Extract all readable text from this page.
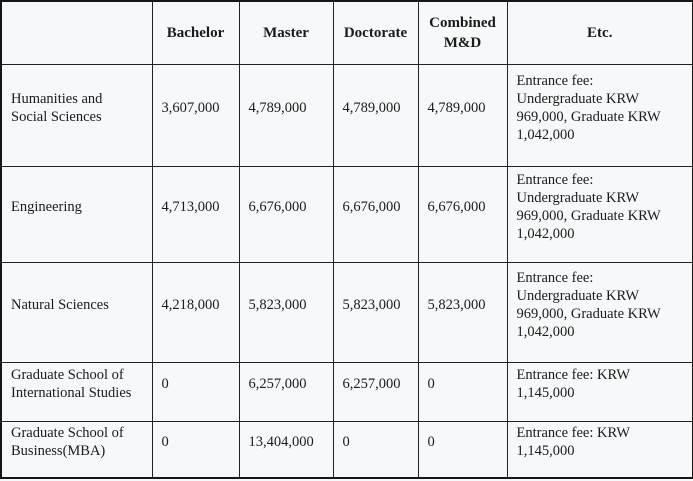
	Bachelor	Master	Doctorate	Combined M&D	Etc.
Humanities and Social Sciences	3,607,000	4,789,000	4,789,000	4,789,000	Entrance fee: Undergraduate KRW 969,000, Graduate KRW 1,042,000
Engineering	4,713,000	6,676,000	6,676,000	6,676,000	Entrance fee: Undergraduate KRW 969,000, Graduate KRW 1,042,000
Natural Sciences	4,218,000	5,823,000	5,823,000	5,823,000	Entrance fee: Undergraduate KRW 969,000, Graduate KRW 1,042,000
Graduate School of International Studies	0	6,257,000	6,257,000	0	Entrance fee: KRW 1,145,000
Graduate School of Business(MBA)	0	13,404,000	0	0	Entrance fee: KRW 1,145,000
